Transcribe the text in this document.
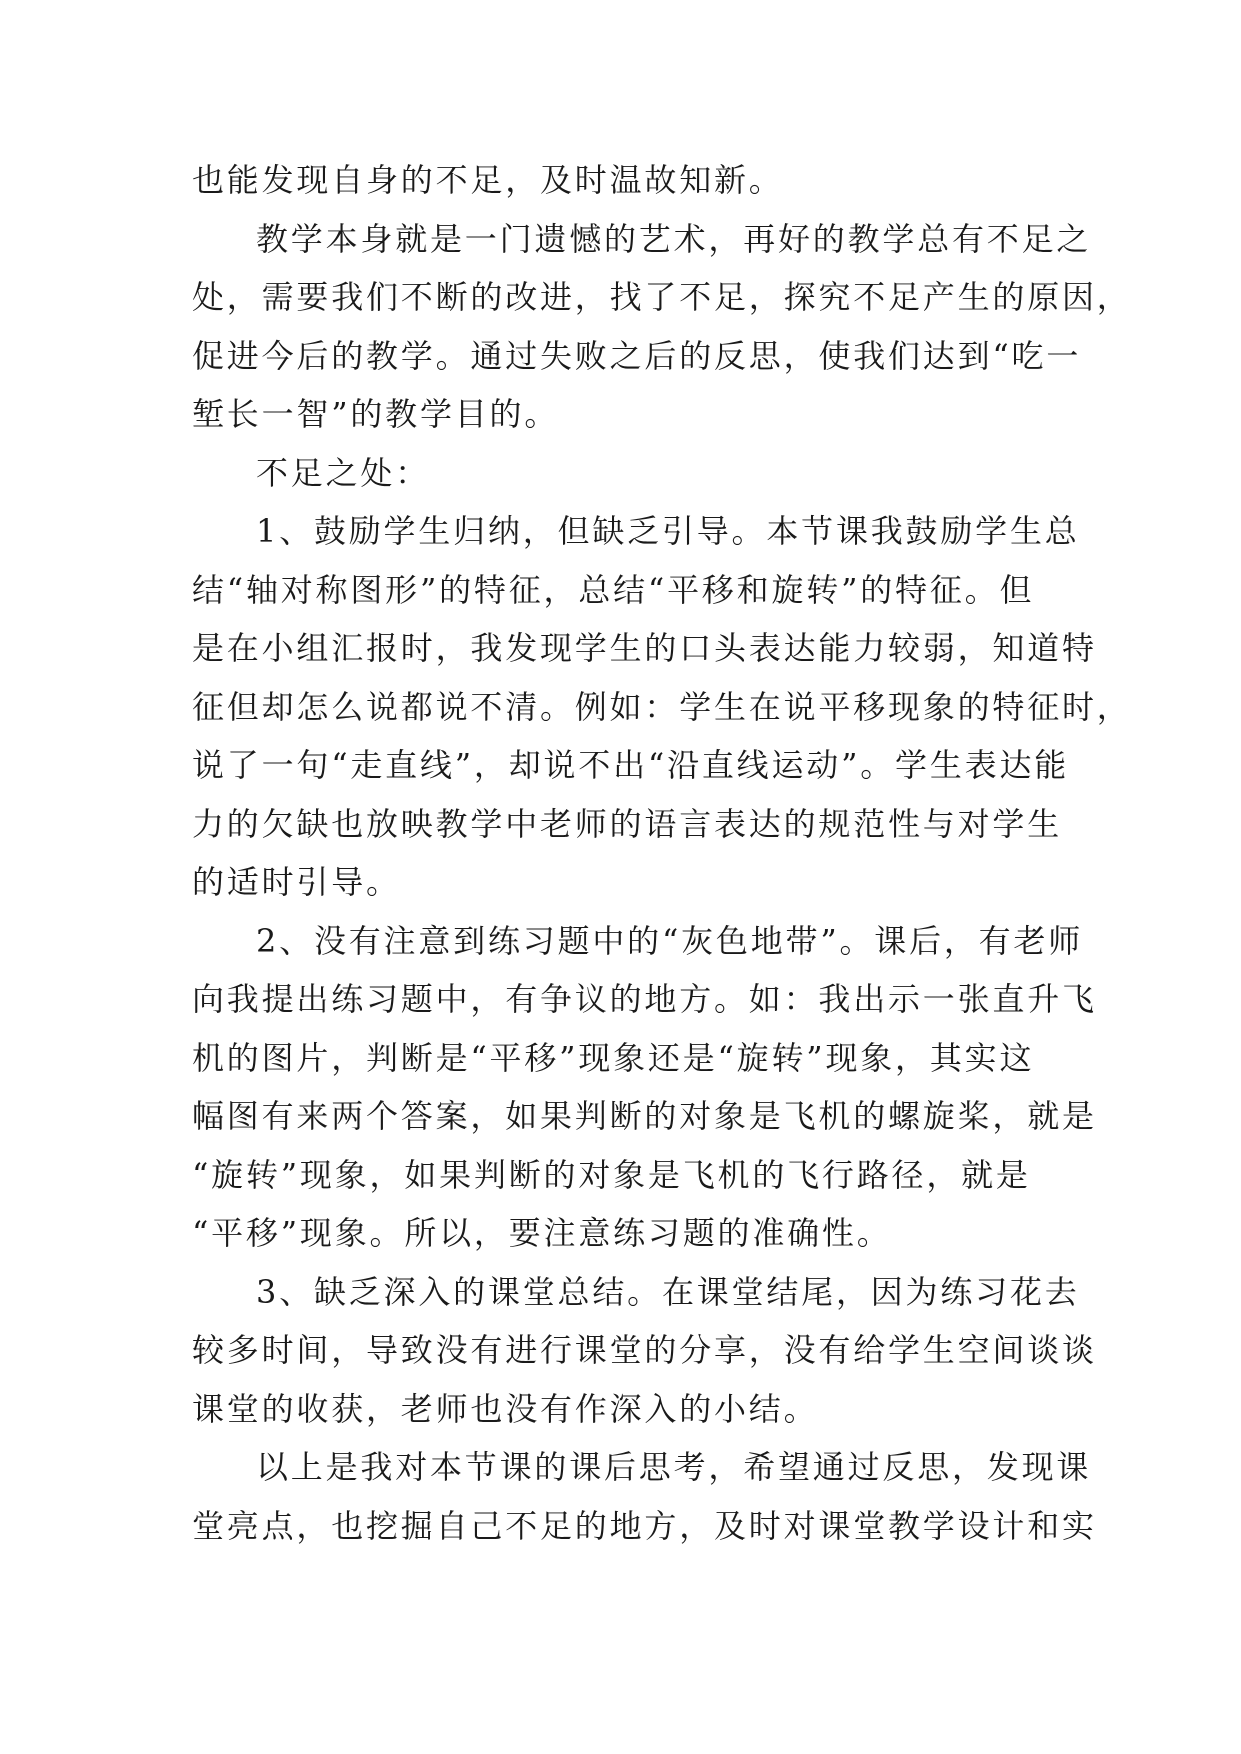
也能发现自身的不足，及时温故知新。
教学本身就是一门遗憾的艺术，再好的教学总有不足之
处，需要我们不断的改进，找了不足，探究不足产生的原因，
促进今后的教学。通过失败之后的反思，使我们达到“吃一
堑长一智”的教学目的。
不足之处：
1、鼓励学生归纳，但缺乏引导。本节课我鼓励学生总
结“轴对称图形”的特征，总结“平移和旋转”的特征。但
是在小组汇报时，我发现学生的口头表达能力较弱，知道特
征但却怎么说都说不清。例如：学生在说平移现象的特征时，
说了一句“走直线”，却说不出“沿直线运动”。学生表达能
力的欠缺也放映教学中老师的语言表达的规范性与对学生
的适时引导。
2、没有注意到练习题中的“灰色地带”。课后，有老师
向我提出练习题中，有争议的地方。如：我出示一张直升飞
机的图片，判断是“平移”现象还是“旋转”现象，其实这
幅图有来两个答案，如果判断的对象是飞机的螺旋桨，就是
“旋转”现象，如果判断的对象是飞机的飞行路径，就是
“平移”现象。所以，要注意练习题的准确性。
3、缺乏深入的课堂总结。在课堂结尾，因为练习花去
较多时间，导致没有进行课堂的分享，没有给学生空间谈谈
课堂的收获，老师也没有作深入的小结。
以上是我对本节课的课后思考，希望通过反思，发现课
堂亮点，也挖掘自己不足的地方，及时对课堂教学设计和实
